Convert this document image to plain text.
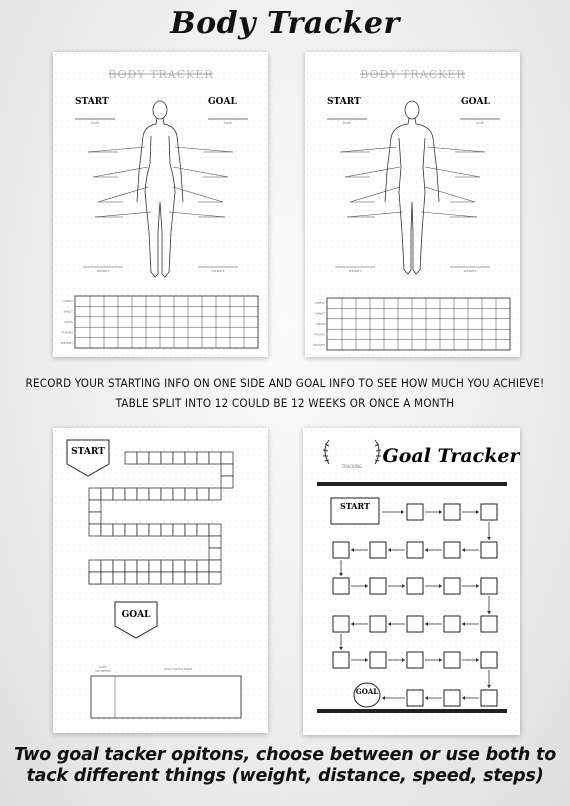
Body Tracker
BODY TRACKER
START	GOAL
DATE	DATE
WEIGHT	WEIGHT
CHEST
WAIST
ARMS
THIGHS
WEIGHT
BODY TRACKER
START	GOAL
DATE	DATE
WEIGHT	WEIGHT
CHEST
WAIST
ARMS
THIGHS
WEIGHT
RECORD YOUR STARTING INFO ON ONE SIDE AND GOAL INFO TO SEE HOW MUCH YOU ACHIEVE!
TABLE SPLIT INTO 12 COULD BE 12 WEEKS OR ONCE A MONTH
START
GOAL
GOAL MILESTONES
DATE
ACHIEVED
TRACKING Goal Tracker
START
GOAL
Two goal tacker opitons, choose between or use both to
tack different things (weight, distance, speed, steps)
